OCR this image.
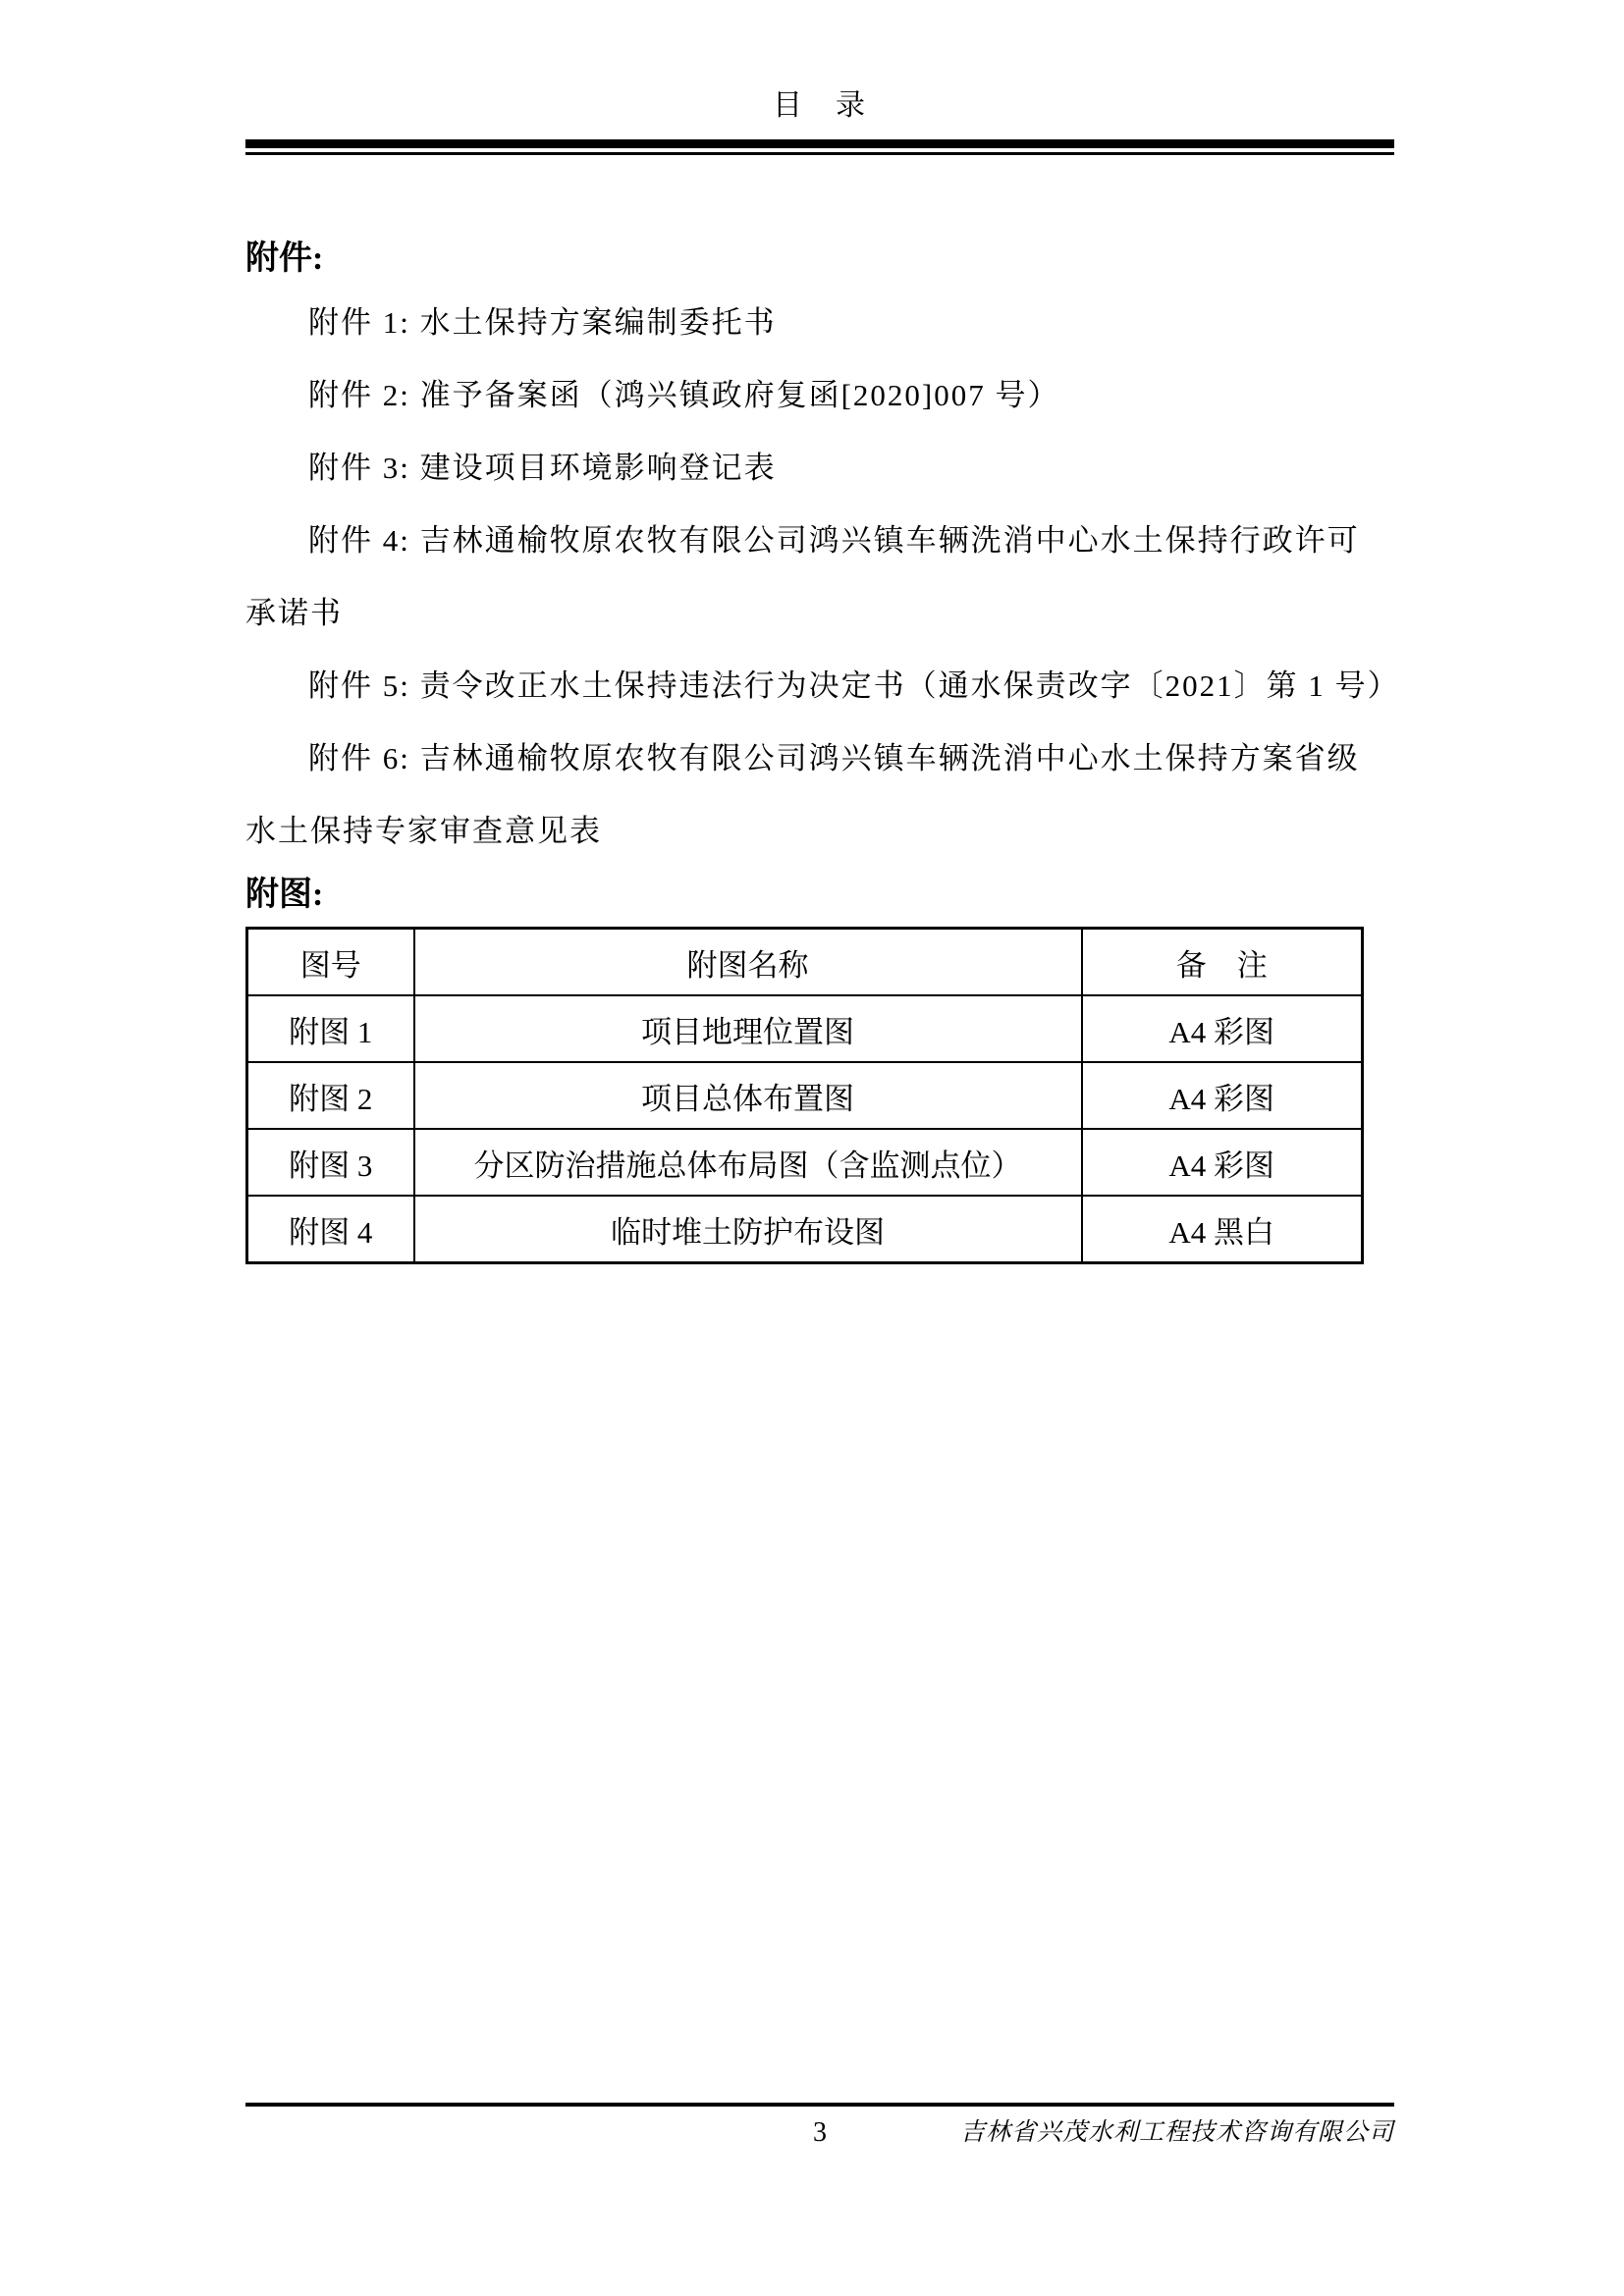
目　录
附件:
附件 1: 水土保持方案编制委托书
附件 2: 准予备案函（鸿兴镇政府复函[2020]007 号）
附件 3: 建设项目环境影响登记表
附件 4: 吉林通榆牧原农牧有限公司鸿兴镇车辆洗消中心水土保持行政许可
承诺书
附件 5: 责令改正水土保持违法行为决定书（通水保责改字〔2021〕第 1 号）
附件 6: 吉林通榆牧原农牧有限公司鸿兴镇车辆洗消中心水土保持方案省级
水土保持专家审查意见表
附图:
图号	附图名称	备　注
附图 1	项目地理位置图	A4 彩图
附图 2	项目总体布置图	A4 彩图
附图 3	分区防治措施总体布局图（含监测点位）	A4 彩图
附图 4	临时堆土防护布设图	A4 黑白
3	吉林省兴茂水利工程技术咨询有限公司
